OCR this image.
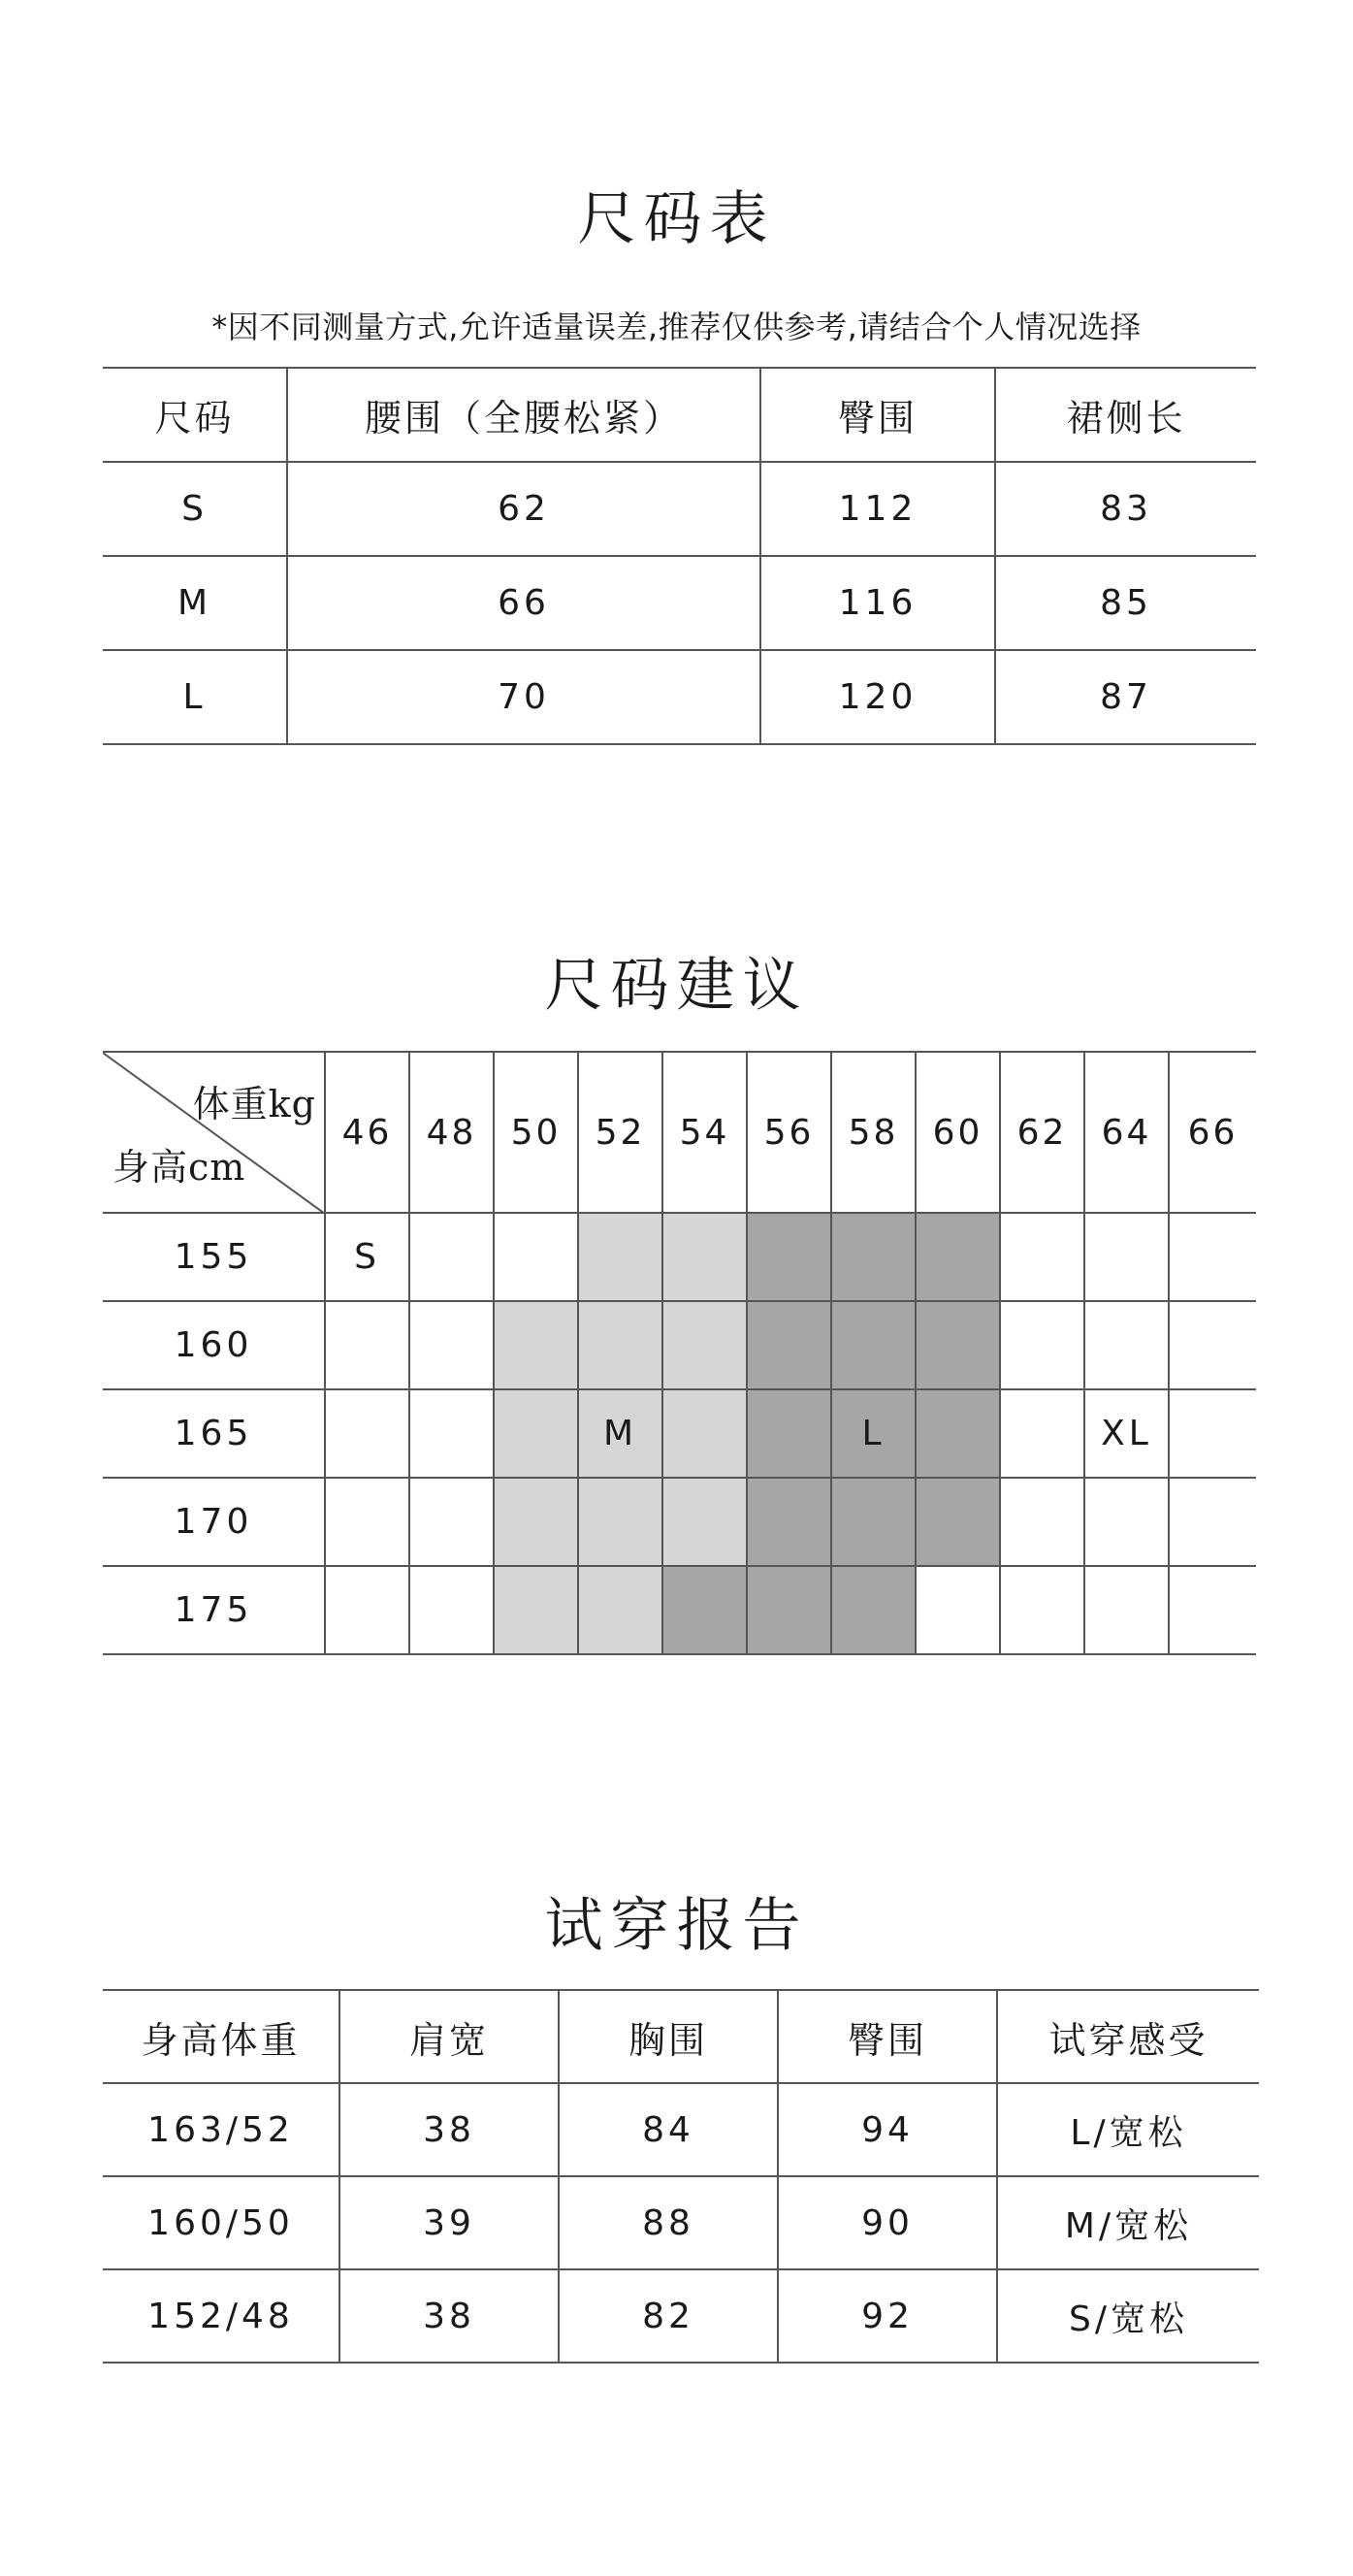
尺码表
*因不同测量方式,允许适量误差,推荐仅供参考,请结合个人情况选择
尺码	腰围（全腰松紧）	臀围	裙侧长
S	62	112	83
M	66	116	85
L	70	120	87
尺码建议
体重kg
身高cm	46	48	50	52	54	56	58	60	62	64	66
155	S										
160											
165				M			L			XL	
170											
175											
试穿报告
身高体重	肩宽	胸围	臀围	试穿感受
163/52	38	84	94	L/宽松
160/50	39	88	90	M/宽松
152/48	38	82	92	S/宽松
